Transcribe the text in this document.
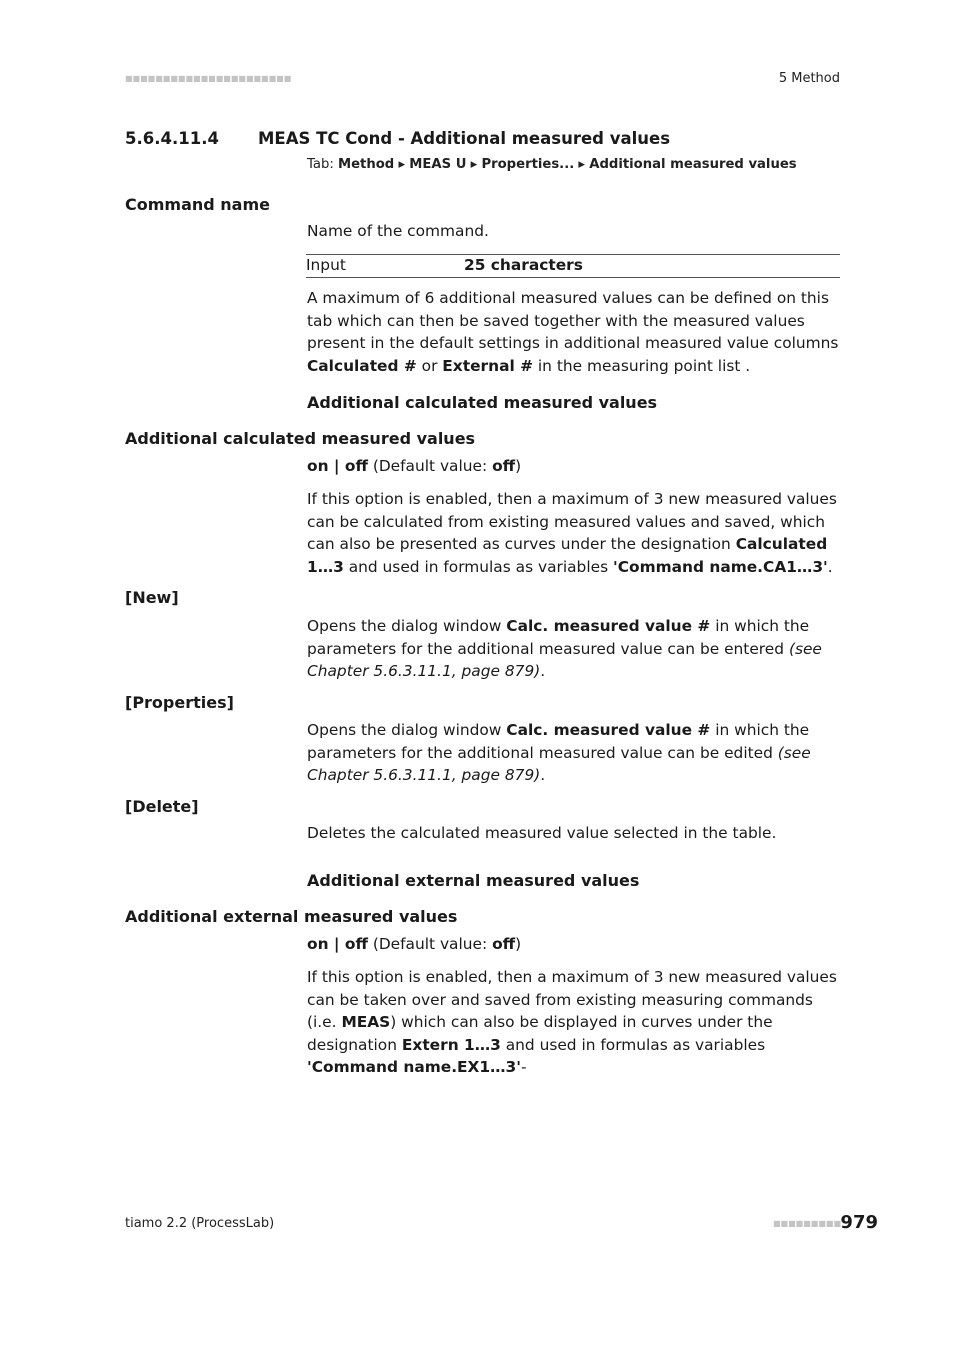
■■■■■■■■■■■■■■■■■■■■■■	5 Method
5.6.4.11.4 MEAS TC Cond - Additional measured values
Tab: Method ▸ MEAS U ▸ Properties... ▸ Additional measured values
Command name
Name of the command.
Input	25 characters
A maximum of 6 additional measured values can be defined on this tab which can then be saved together with the measured values present in the default settings in additional measured value columns Calculated # or External # in the measuring point list .
Additional calculated measured values
Additional calculated measured values
on | off (Default value: off)
If this option is enabled, then a maximum of 3 new measured values can be calculated from existing measured values and saved, which can also be presented as curves under the designation Calculated 1…3 and used in formulas as variables 'Command name.CA1…3'.
[New]
Opens the dialog window Calc. measured value # in which the parameters for the additional measured value can be entered (see Chapter 5.6.3.11.1, page 879).
[Properties]
Opens the dialog window Calc. measured value # in which the parameters for the additional measured value can be edited (see Chapter 5.6.3.11.1, page 879).
[Delete]
Deletes the calculated measured value selected in the table.
Additional external measured values
Additional external measured values
on | off (Default value: off)
If this option is enabled, then a maximum of 3 new measured values can be taken over and saved from existing measuring commands (i.e. MEAS) which can also be displayed in curves under the designation Extern 1…3 and used in formulas as variables 'Command name.EX1…3'-
tiamo 2.2 (ProcessLab)	■■■■■■■■■ 979
